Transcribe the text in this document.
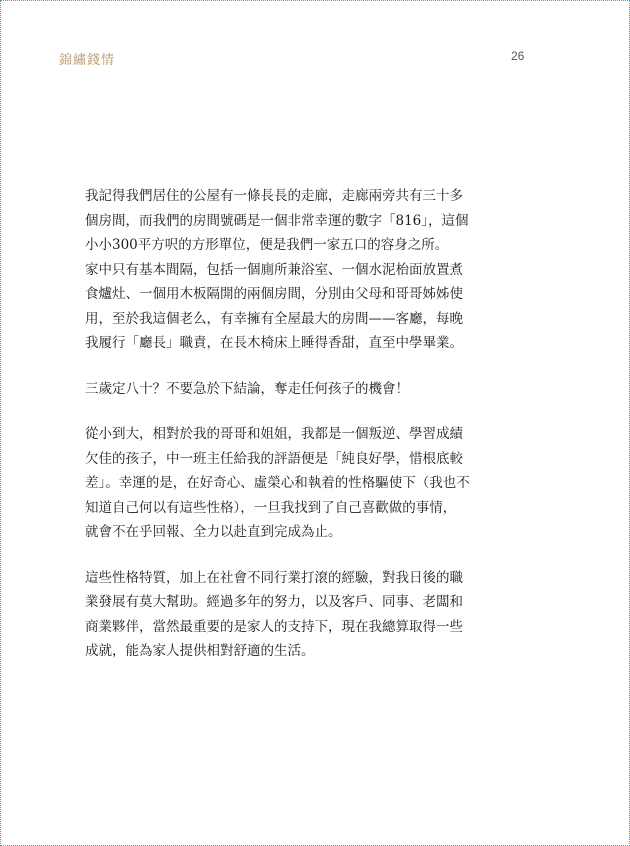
錦繡錢情	26

我記得我們居住的公屋有一條長長的走廊，走廊兩旁共有三十多
個房間，而我們的房間號碼是一個非常幸運的數字「816」，這個
小小300平方呎的方形單位，便是我們一家五口的容身之所。
家中只有基本間隔，包括一個廁所兼浴室、一個水泥枱面放置煮
食爐灶、一個用木板隔開的兩個房間，分別由父母和哥哥姊姊使
用，至於我這個老么，有幸擁有全屋最大的房間——客廳，每晚
我履行「廳長」職責，在長木椅床上睡得香甜，直至中學畢業。

三歲定八十？不要急於下結論，奪走任何孩子的機會！

從小到大，相對於我的哥哥和姐姐，我都是一個叛逆、學習成績
欠佳的孩子，中一班主任給我的評語便是「純良好學，惜根底較
差」。幸運的是，在好奇心、虛榮心和執着的性格驅使下（我也不
知道自己何以有這些性格），一旦我找到了自己喜歡做的事情，
就會不在乎回報、全力以赴直到完成為止。

這些性格特質，加上在社會不同行業打滾的經驗，對我日後的職
業發展有莫大幫助。經過多年的努力，以及客戶、同事、老闆和
商業夥伴，當然最重要的是家人的支持下，現在我總算取得一些
成就，能為家人提供相對舒適的生活。
